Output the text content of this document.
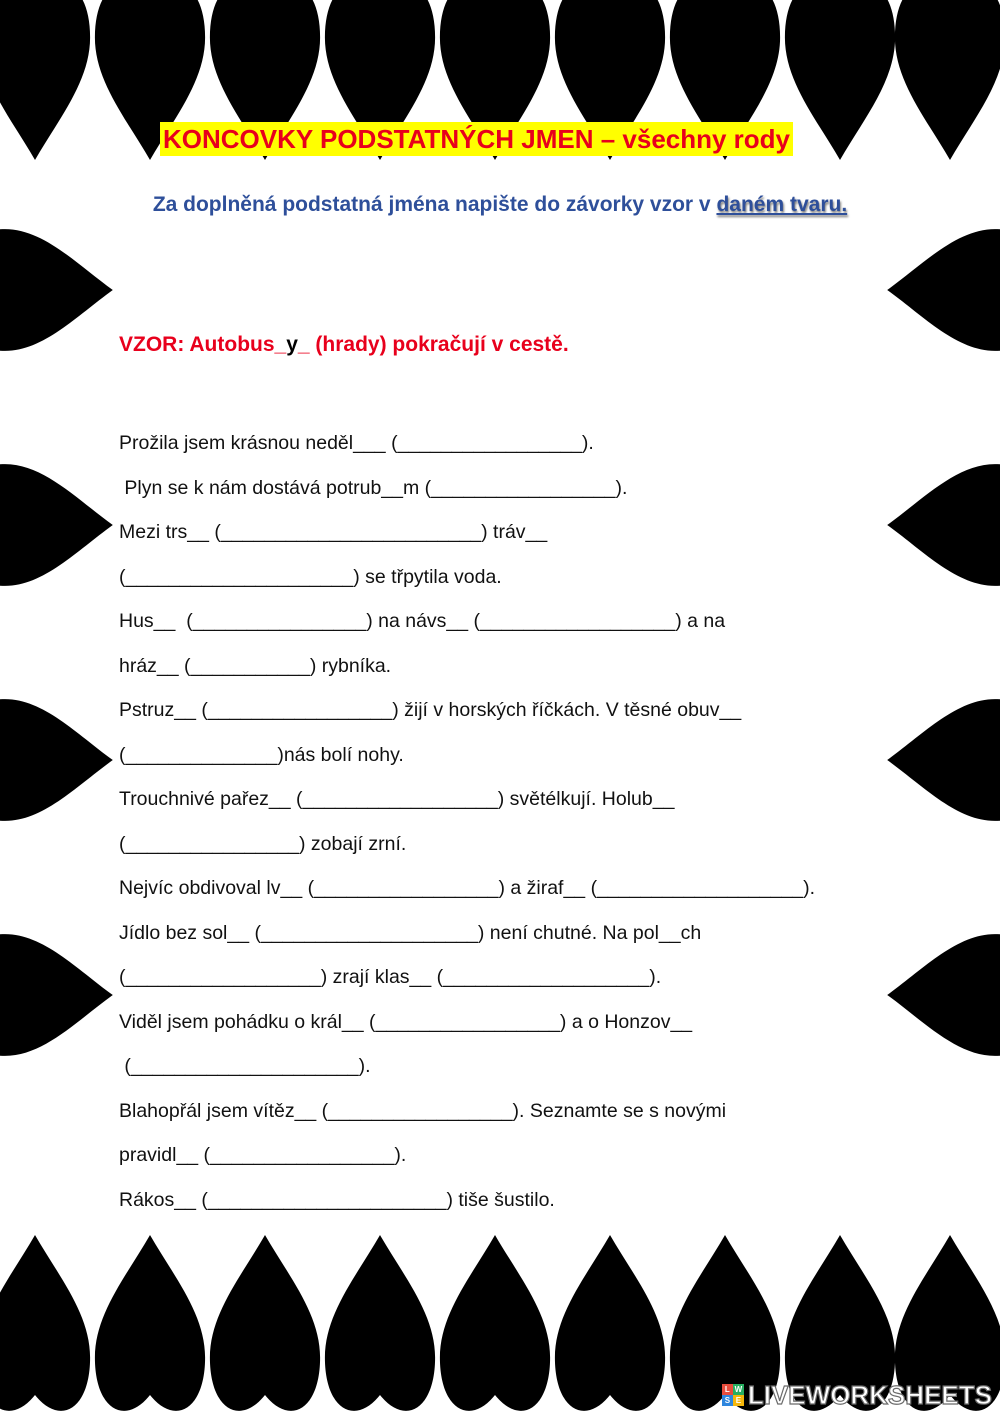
KONCOVKY PODSTATNÝCH JMEN – všechny rody
Za doplněná podstatná jména napište do závorky vzor v daném tvaru.
VZOR: Autobus_y_ (hrady) pokračují v cestě.
Prožila jsem krásnou neděl___ (_________________).
Plyn se k nám dostává potrub__m (_________________).
Mezi trs__ (________________________) tráv__
(_____________________) se třpytila voda.
Hus__  (________________) na návs__ (__________________) a na
hráz__ (___________) rybníka.
Pstruz__ (_________________) žijí v horských říčkách. V těsné obuv__
(______________)nás bolí nohy.
Trouchnivé pařez__ (__________________) světélkují. Holub__
(________________) zobají zrní.
Nejvíc obdivoval lv__ (_________________) a žiraf__ (___________________).
Jídlo bez sol__ (____________________) není chutné. Na pol__ch
(__________________) zrají klas__ (___________________).
Viděl jsem pohádku o král__ (_________________) a o Honzov__
(_____________________).
Blahopřál jsem vítěz__ (_________________). Seznamte se s novými
pravidl__ (_________________).
Rákos__ (______________________) tiše šustilo.
L W
S E LIVEWORKSHEETS
